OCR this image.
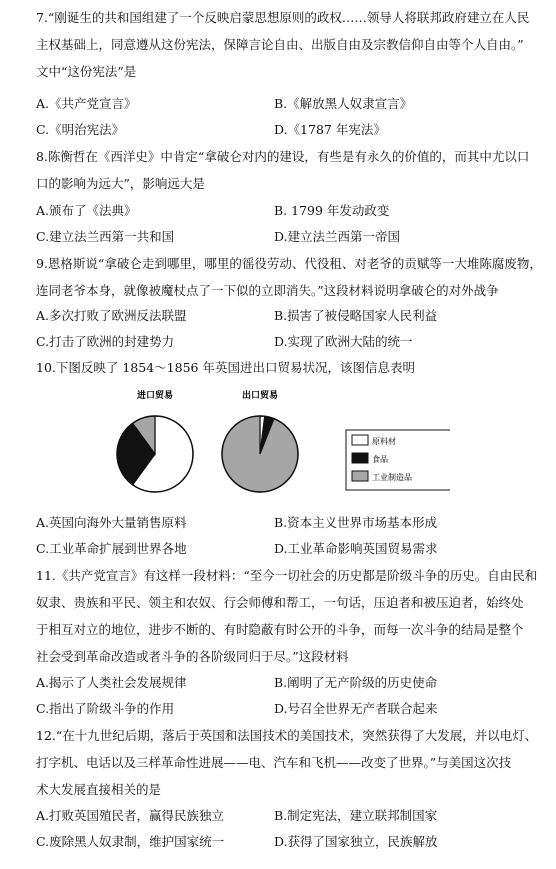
7.“刚诞生的共和国组建了一个反映启蒙思想原则的政权……领导人将联邦政府建立在人民
主权基础上，同意遵从这份宪法，保障言论自由、出版自由及宗教信仰自由等个人自由。”
文中“这份宪法”是
A.《共产党宣言》	B.《解放黑人奴隶宣言》
C.《明治宪法》	D.《1787 年宪法》
8.陈衡哲在《西洋史》中肯定“拿破仑对内的建设，有些是有永久的价值的，而其中尤以口
口的影响为远大”，影响远大是
A.颁布了《法典》	B. 1799 年发动政变
C.建立法兰西第一共和国	D.建立法兰西第一帝国
9.恩格斯说“拿破仑走到哪里，哪里的徭役劳动、代役租、对老爷的贡赋等一大堆陈腐废物，
连同老爷本身，就像被魔杖点了一下似的立即消失。”这段材料说明拿破仑的对外战争
A.多次打败了欧洲反法联盟	B.损害了被侵略国家人民利益
C.打击了欧洲的封建势力	D.实现了欧洲大陆的统一
10.下图反映了 1854～1856 年英国进出口贸易状况，该图信息表明
进口贸易	出口贸易
原料材
食品
工业制造品
A.英国向海外大量销售原料	B.资本主义世界市场基本形成
C.工业革命扩展到世界各地	D.工业革命影响英国贸易需求
11.《共产党宣言》有这样一段材料：“至今一切社会的历史都是阶级斗争的历史。自由民和
奴隶、贵族和平民、领主和农奴、行会师傅和帮工，一句话，压迫者和被压迫者，始终处
于相互对立的地位，进步不断的、有时隐蔽有时公开的斗争，而每一次斗争的结局是整个
社会受到革命改造或者斗争的各阶级同归于尽。”这段材料
A.揭示了人类社会发展规律	B.阐明了无产阶级的历史使命
C.指出了阶级斗争的作用	D.号召全世界无产者联合起来
12.“在十九世纪后期，落后于英国和法国技术的美国技术，突然获得了大发展，并以电灯、
打字机、电话以及三样革命性进展——电、汽车和飞机——改变了世界。”与美国这次技
术大发展直接相关的是
A.打败英国殖民者，赢得民族独立	B.制定宪法，建立联邦制国家
C.废除黑人奴隶制，维护国家统一	D.获得了国家独立，民族解放
